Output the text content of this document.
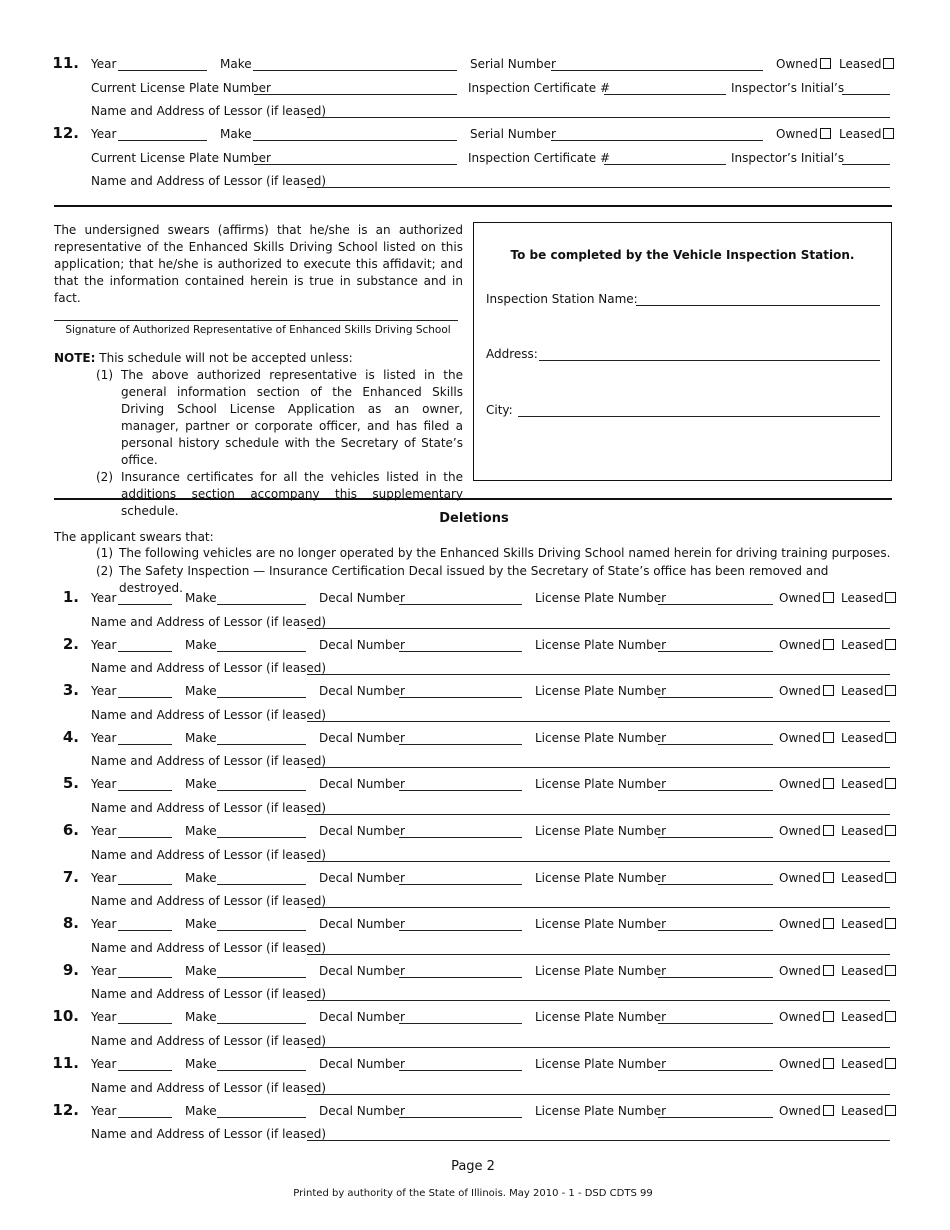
11. Year	Make	Serial Number	Owned	Leased
Current License Plate Number	Inspection Certificate #	Inspector’s Initial’s
Name and Address of Lessor (if leased)
12. Year	Make	Serial Number	Owned	Leased
Current License Plate Number	Inspection Certificate #	Inspector’s Initial’s
Name and Address of Lessor (if leased)
The undersigned swears (affirms) that he/she is an authorized representative of the Enhanced Skills Driving School listed on this application; that he/she is authorized to execute this affidavit; and that the information contained herein is true in substance and in fact.
Signature of Authorized Representative of Enhanced Skills Driving School
NOTE: This schedule will not be accepted unless:
(1) The above authorized representative is listed in the general information section of the Enhanced Skills Driving School License Application as an owner, manager, partner or corporate officer, and has filed a personal history schedule with the Secretary of State’s office.
(2) Insurance certificates for all the vehicles listed in the additions section accompany this supplementary schedule.
To be completed by the Vehicle Inspection Station.
Inspection Station Name:
Address:
City:
Deletions
The applicant swears that:
(1) The following vehicles are no longer operated by the Enhanced Skills Driving School named herein for driving training purposes.
(2) The Safety Inspection — Insurance Certification Decal issued by the Secretary of State’s office has been removed and destroyed.
1. Year	Make	Decal Number	License Plate Number	Owned	Leased
Name and Address of Lessor (if leased)
2. Year	Make	Decal Number	License Plate Number	Owned	Leased
Name and Address of Lessor (if leased)
3. Year	Make	Decal Number	License Plate Number	Owned	Leased
Name and Address of Lessor (if leased)
4. Year	Make	Decal Number	License Plate Number	Owned	Leased
Name and Address of Lessor (if leased)
5. Year	Make	Decal Number	License Plate Number	Owned	Leased
Name and Address of Lessor (if leased)
6. Year	Make	Decal Number	License Plate Number	Owned	Leased
Name and Address of Lessor (if leased)
7. Year	Make	Decal Number	License Plate Number	Owned	Leased
Name and Address of Lessor (if leased)
8. Year	Make	Decal Number	License Plate Number	Owned	Leased
Name and Address of Lessor (if leased)
9. Year	Make	Decal Number	License Plate Number	Owned	Leased
Name and Address of Lessor (if leased)
10. Year	Make	Decal Number	License Plate Number	Owned	Leased
Name and Address of Lessor (if leased)
11. Year	Make	Decal Number	License Plate Number	Owned	Leased
Name and Address of Lessor (if leased)
12. Year	Make	Decal Number	License Plate Number	Owned	Leased
Name and Address of Lessor (if leased)
Page 2
Printed by authority of the State of Illinois. May 2010 - 1 - DSD CDTS 99
